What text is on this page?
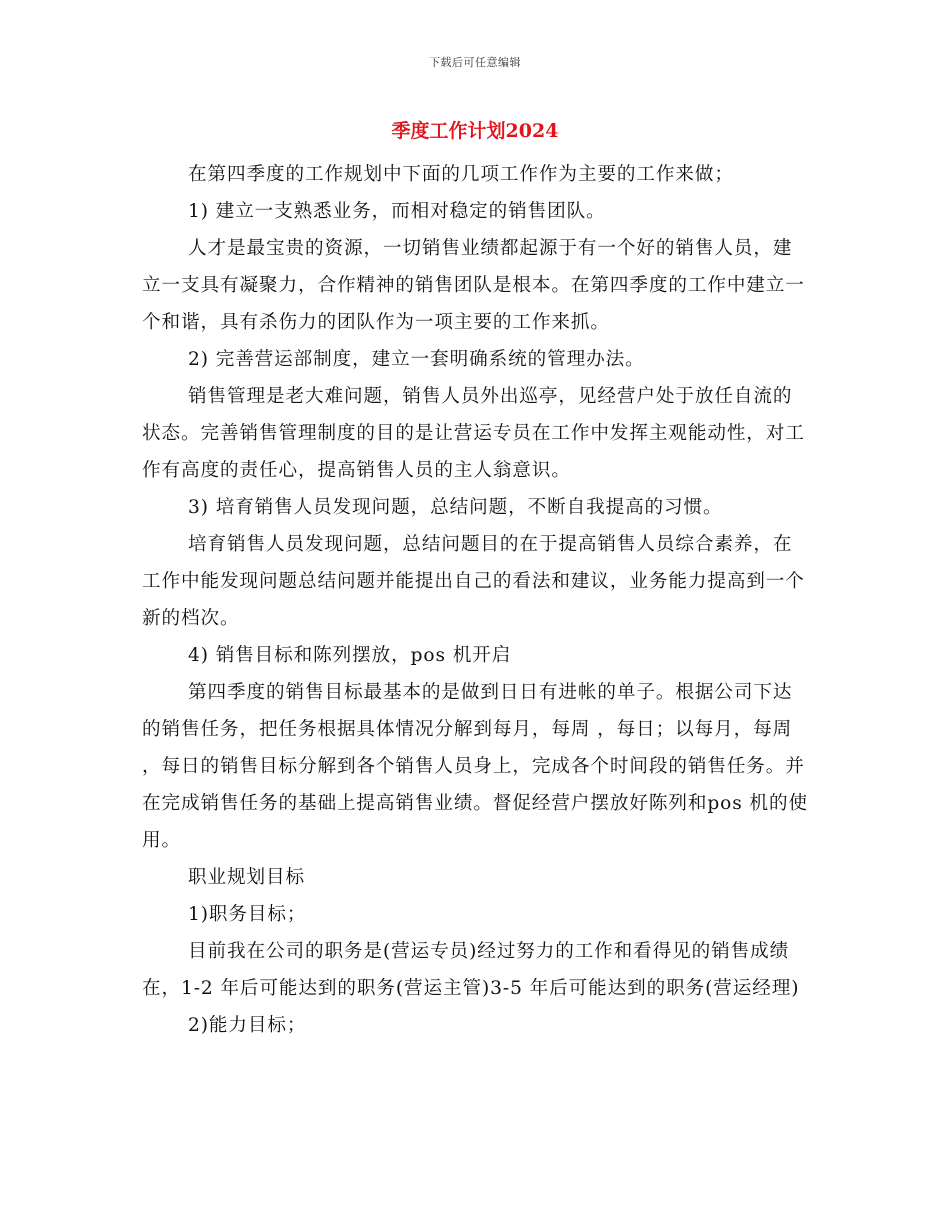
下载后可任意编辑
季度工作计划2024

在第四季度的工作规划中下面的几项工作作为主要的工作来做；

1) 建立一支熟悉业务，而相对稳定的销售团队。

人才是最宝贵的资源，一切销售业绩都起源于有一个好的销售人员，建立一支具有凝聚力，合作精神的销售团队是根本。在第四季度的工作中建立一个和谐，具有杀伤力的团队作为一项主要的工作来抓。

2) 完善营运部制度，建立一套明确系统的管理办法。

销售管理是老大难问题，销售人员外出巡亭，见经营户处于放任自流的状态。完善销售管理制度的目的是让营运专员在工作中发挥主观能动性，对工作有高度的责任心，提高销售人员的主人翁意识。

3) 培育销售人员发现问题，总结问题，不断自我提高的习惯。

培育销售人员发现问题，总结问题目的在于提高销售人员综合素养，在工作中能发现问题总结问题并能提出自己的看法和建议，业务能力提高到一个新的档次。

4) 销售目标和陈列摆放，pos 机开启

第四季度的销售目标最基本的是做到日日有进帐的单子。根据公司下达的销售任务，把任务根据具体情况分解到每月，每周 ，每日；以每月，每周 ，每日的销售目标分解到各个销售人员身上，完成各个时间段的销售任务。并在完成销售任务的基础上提高销售业绩。督促经营户摆放好陈列和pos 机的使用。

职业规划目标

1)职务目标；

目前我在公司的职务是(营运专员)经过努力的工作和看得见的销售成绩在，1-2 年后可能达到的职务(营运主管)3-5 年后可能达到的职务(营运经理)

2)能力目标；
